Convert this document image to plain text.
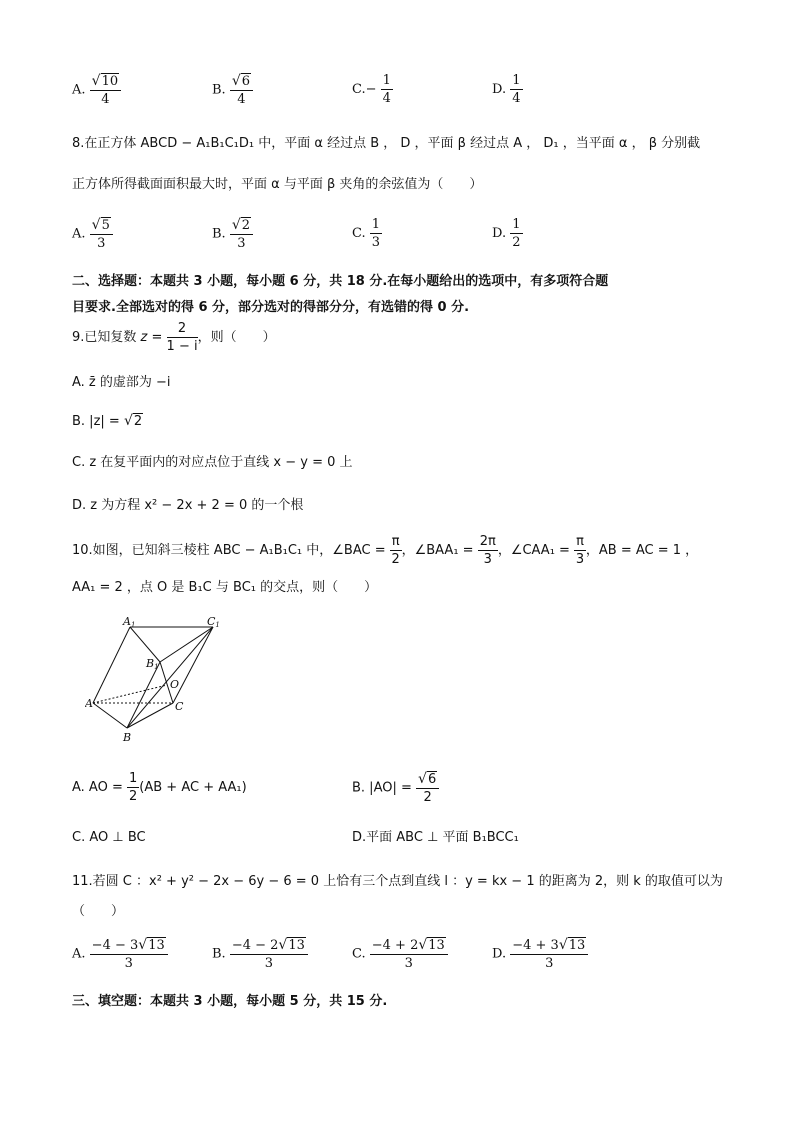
A. $\frac{√10}{4}$	B. $\frac{√6}{4}$	$C.- \frac{1}{4}$	D. $\frac{1}{4}$
8.在正方体 ABCD − A₁B₁C₁D₁ 中，平面 α 经过点 B ， D ，平面 β 经过点 A ， D₁ ，当平面 α ， β 分别截
正方体所得截面面积最大时，平面 α 与平面 β 夹角的余弦值为（　　）
A. $\frac{√5}{3}$	B. $\frac{√2}{3}$	C. $\frac{1}{3}$	D. $\frac{1}{2}$
二、选择题：本题共 3 小题，每小题 6 分，共 18 分.在每小题给出的选项中，有多项符合题
目要求.全部选对的得 6 分，部分选对的得部分分，有选错的得 0 分.
9.已知复数 $z = \frac{2}{1 - i}$ ，则（　　）
A. z̄ 的虚部为 −i
B. |z| = √2
C. z 在复平面内的对应点位于直线 x − y = 0 上
D. z 为方程 x² − 2x + 2 = 0 的一个根
10.如图，已知斜三棱柱 ABC − A₁B₁C₁ 中，∠BAC = $\frac{\pi}{2}$ ，∠BAA₁ = $\frac{2\pi}{3}$ ，∠CAA₁ = $\frac{\pi}{3}$ ，AB = AC = 1 ，
AA₁ = 2 ，点 O 是 B₁C 与 BC₁ 的交点，则（　　）
A1	C1
B1
O
A	C
B
A. AO = $\frac{1}{2} (AB$ + AC + AA₁)	B. $|AO| = \frac{√6}{2}$
C. AO ⊥ BC	D.平面 ABC ⊥ 平面 B₁BCC₁
11.若圆 C ：x² + y² − 2x − 6y − 6 = 0 上恰有三个点到直线 l ：y = kx − 1 的距离为 2，则 k 的取值可以为
（　　）
A. $\frac{-4 - 3√13}{3}$	B. $\frac{-4 - 2√13}{3}$	C. $\frac{-4 + 2√13}{3}$	D. $\frac{-4 + 3√13}{3}$
三、填空题：本题共 3 小题，每小题 5 分，共 15 分.
